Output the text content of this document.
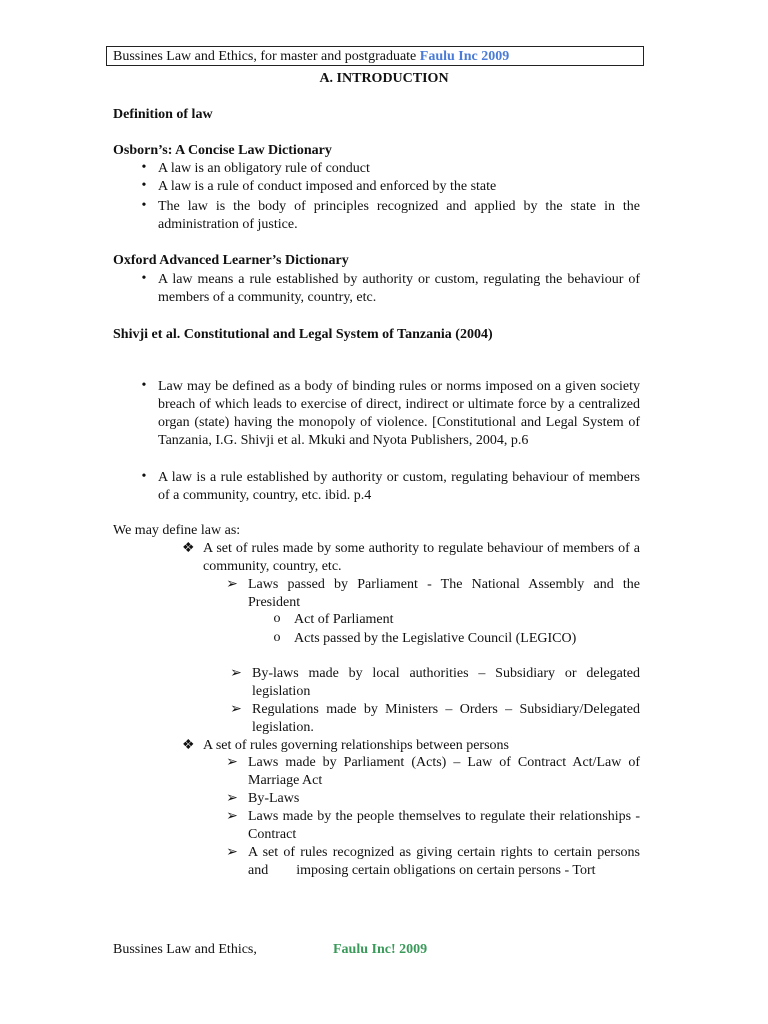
Bussines Law and Ethics, for master and postgraduate Faulu Inc 2009
A. INTRODUCTION
Definition of law
Osborn’s: A Concise Law Dictionary
• A law is an obligatory rule of conduct
• A law is a rule of conduct imposed and enforced by the state
• The law is the body of principles recognized and applied by the state in the administration of justice.
Oxford Advanced Learner’s Dictionary
• A law means a rule established by authority or custom, regulating the behaviour of members of a community, country, etc.
Shivji et al. Constitutional and Legal System of Tanzania (2004)
• Law may be defined as a body of binding rules or norms imposed on a given society breach of which leads to exercise of direct, indirect or ultimate force by a centralized organ (state) having the monopoly of violence. [Constitutional and Legal System of Tanzania, I.G. Shivji et al. Mkuki and Nyota Publishers, 2004, p.6
• A law is a rule established by authority or custom, regulating behaviour of members of a community, country, etc. ibid. p.4
We may define law as:
❖ A set of rules made by some authority to regulate behaviour of members of a community, country, etc.
➢ Laws passed by Parliament - The National Assembly and the President
o Act of Parliament
o Acts passed by the Legislative Council (LEGICO)
➢ By-laws made by local authorities – Subsidiary or delegated legislation
➢ Regulations made by Ministers – Orders – Subsidiary/Delegated legislation.
❖ A set of rules governing relationships between persons
➢ Laws made by Parliament (Acts) – Law of Contract Act/Law of Marriage Act
➢ By-Laws
➢ Laws made by the people themselves to regulate their relationships - Contract
➢ A set of rules recognized as giving certain rights to certain persons and        imposing certain obligations on certain persons - Tort
Bussines Law and Ethics,	Faulu Inc! 2009
